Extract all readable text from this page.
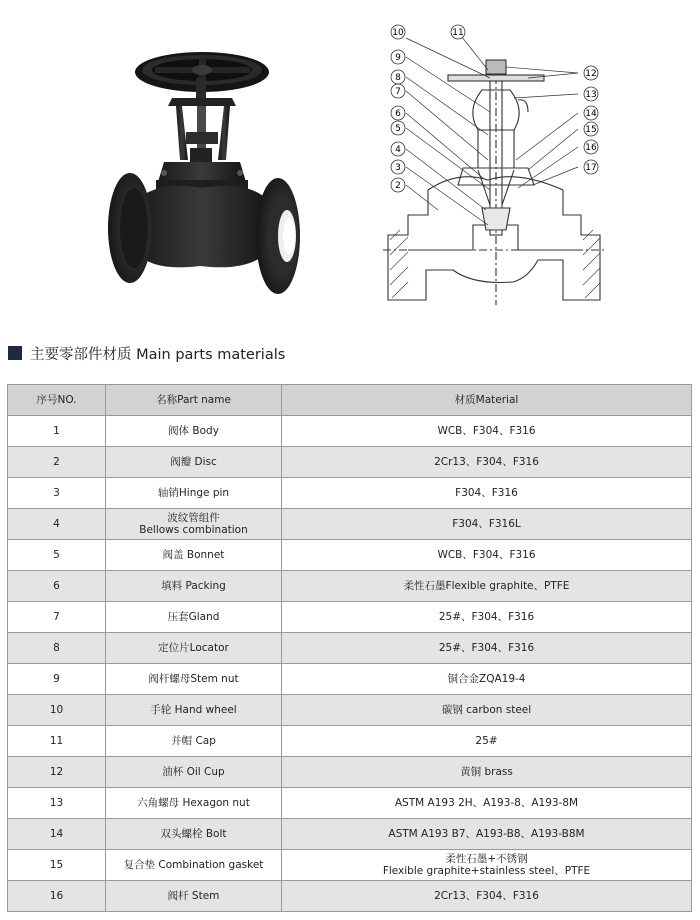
10	11
9
8
7
6
5
4
3
2
12
13
14
15
16
17
主要零部件材质 Main parts materials
序号NO.	名称Part name	材质Material

1	阀体 Body	WCB、F304、F316

2	阀瓣 Disc	2Cr13、F304、F316

3	轴销Hinge pin	F304、F316

4	波纹管组件
Bellows combination	F304、F316L

5	阀盖 Bonnet	WCB、F304、F316

6	填料 Packing	柔性石墨Flexible graphite、PTFE

7	压套Gland	25#、F304、F316

8	定位片Locator	25#、F304、F316

9	阀杆螺母Stem nut	铜合金ZQA19-4

10	手轮 Hand wheel	碳钢 carbon steel

11	并帽 Cap	25#

12	油杯 Oil Cup	黄铜 brass

13	六角螺母 Hexagon nut	ASTM A193 2H、A193-8、A193-8M

14	双头螺栓 Bolt	ASTM A193 B7、A193-B8、A193-B8M

15	复合垫 Combination gasket	柔性石墨+不锈钢
Flexible graphite+stainless steel、PTFE

16	阀杆 Stem	2Cr13、F304、F316
